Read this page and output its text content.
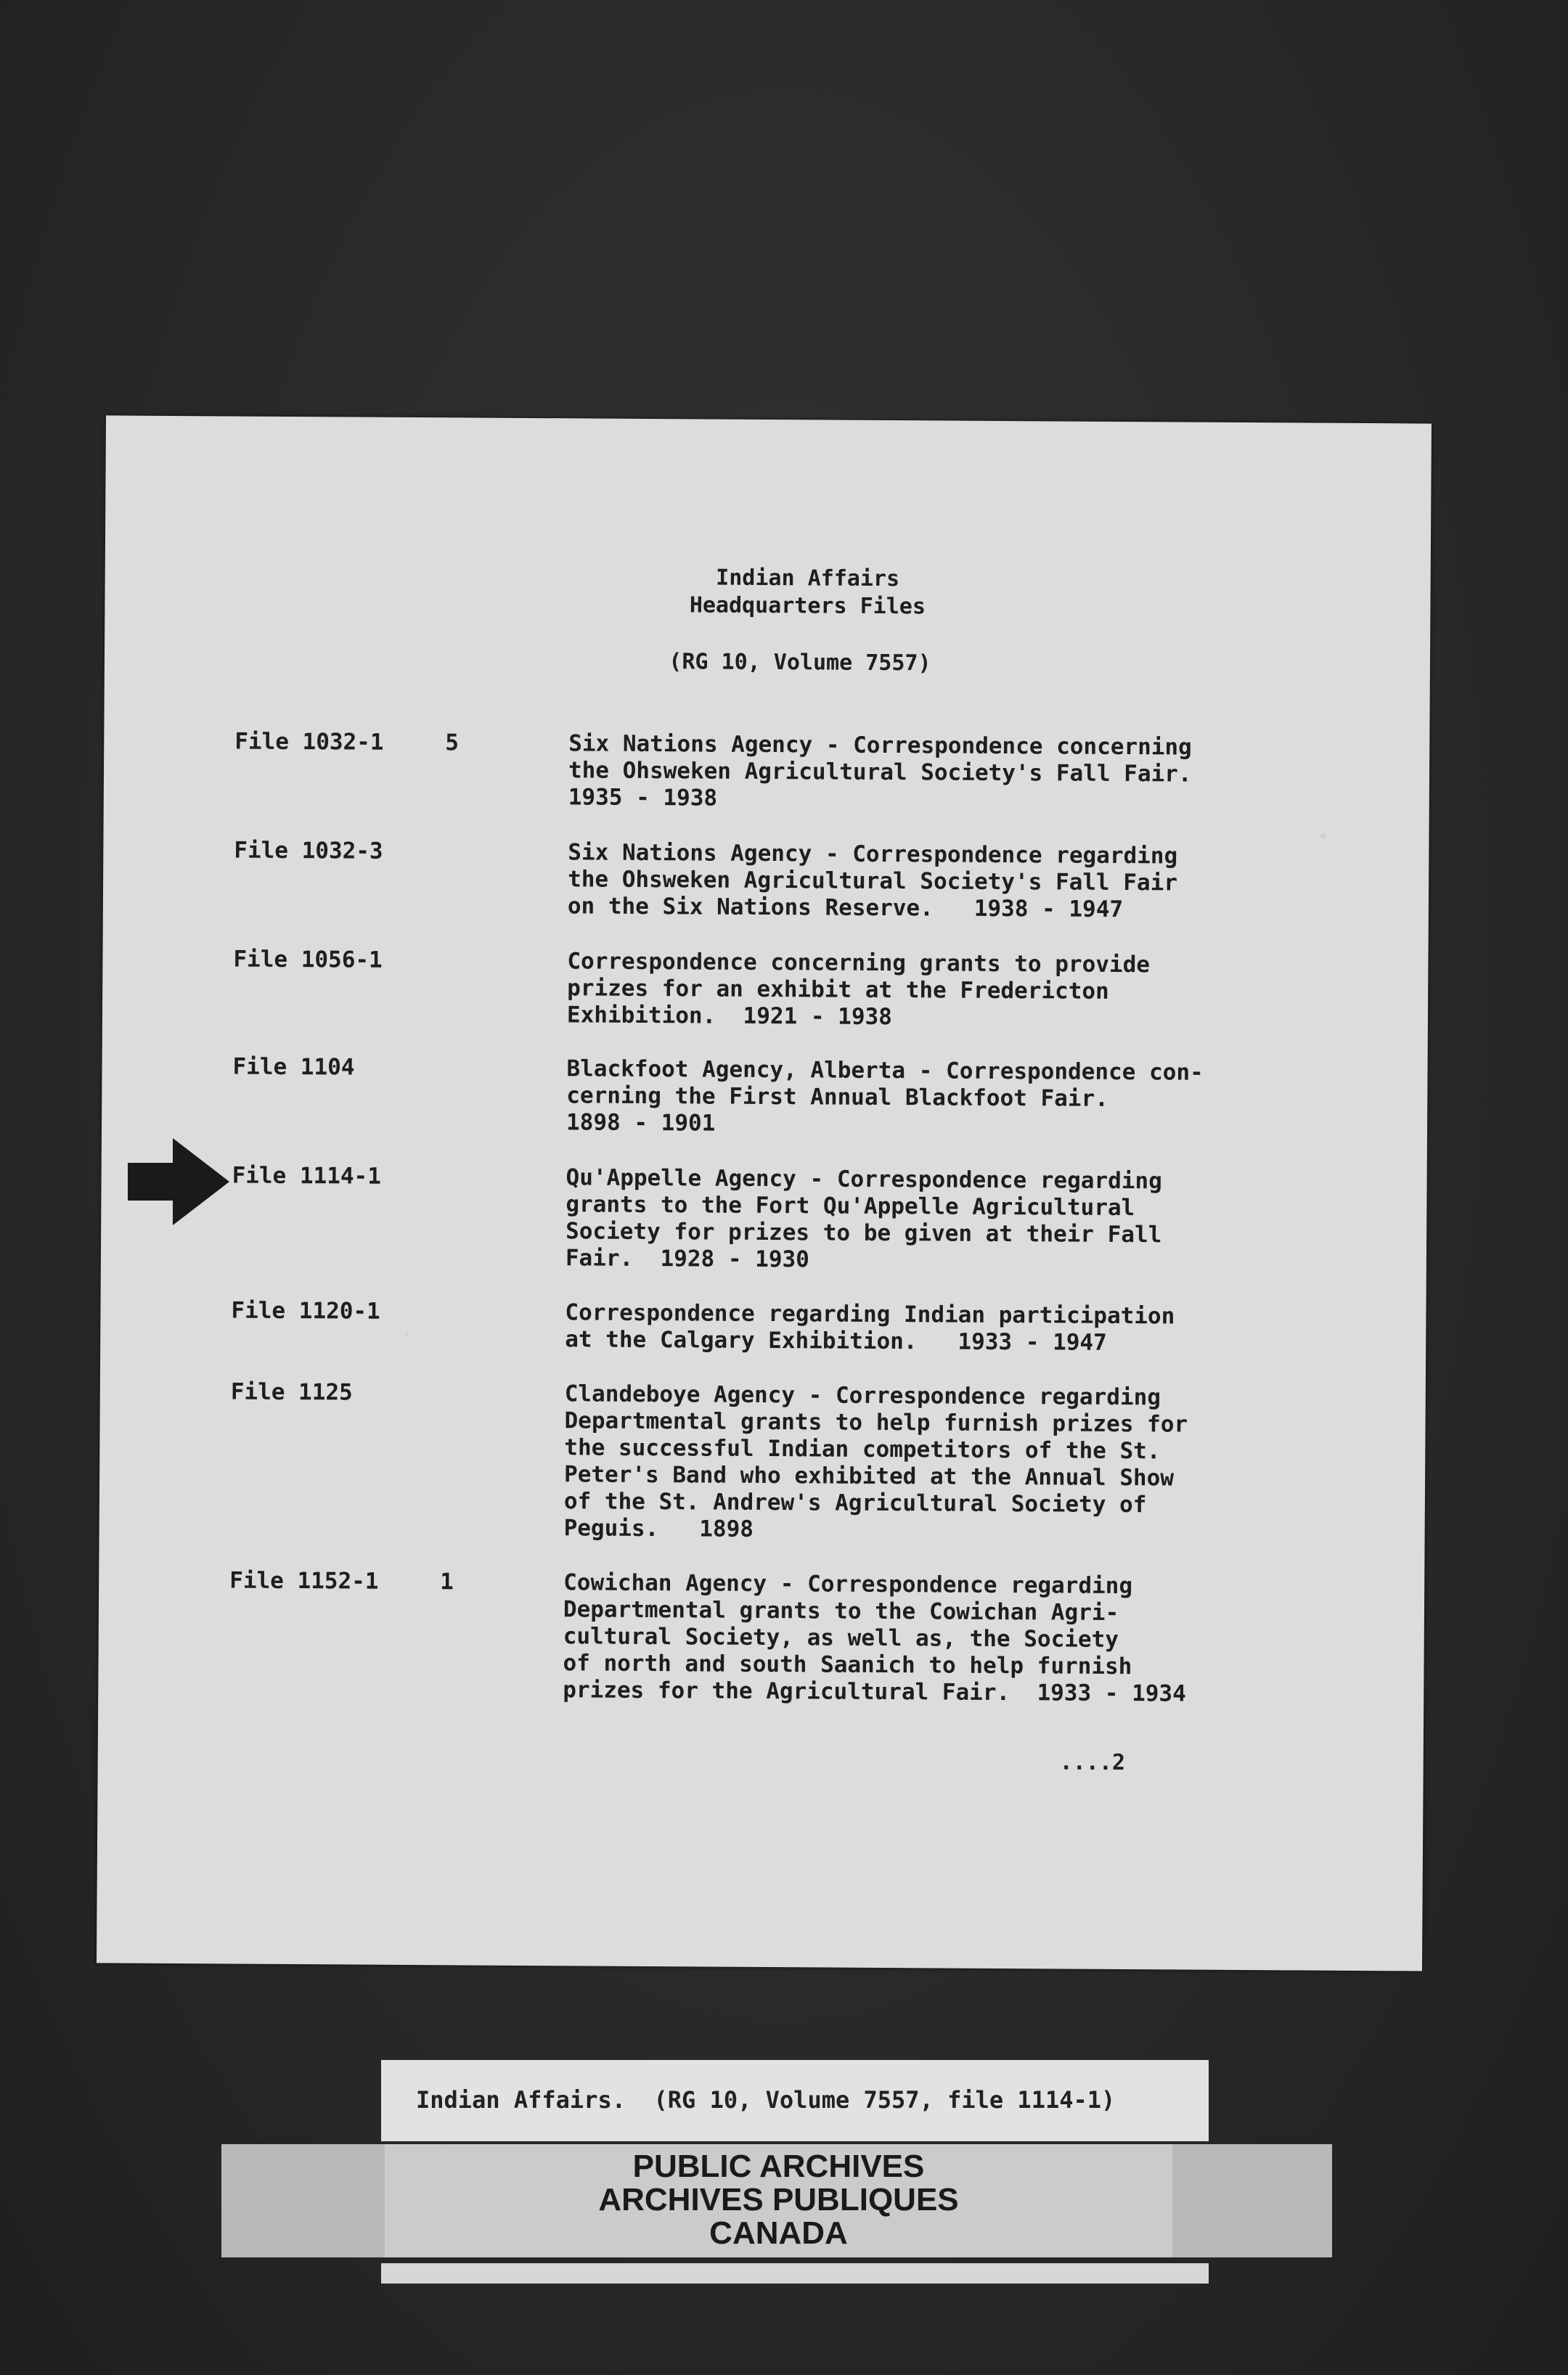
Indian Affairs
Headquarters Files
(RG 10, Volume 7557)
File 1032-1	5	Six Nations Agency - Correspondence concerning
the Ohsweken Agricultural Society's Fall Fair.
1935 - 1938
File 1032-3	Six Nations Agency - Correspondence regarding
the Ohsweken Agricultural Society's Fall Fair
on the Six Nations Reserve.   1938 - 1947
File 1056-1	Correspondence concerning grants to provide
prizes for an exhibit at the Fredericton
Exhibition.  1921 - 1938
File 1104	Blackfoot Agency, Alberta - Correspondence con-
cerning the First Annual Blackfoot Fair.
1898 - 1901
File 1114-1	Qu'Appelle Agency - Correspondence regarding
grants to the Fort Qu'Appelle Agricultural
Society for prizes to be given at their Fall
Fair.  1928 - 1930
File 1120-1	Correspondence regarding Indian participation
at the Calgary Exhibition.   1933 - 1947
File 1125	Clandeboye Agency - Correspondence regarding
Departmental grants to help furnish prizes for
the successful Indian competitors of the St.
Peter's Band who exhibited at the Annual Show
of the St. Andrew's Agricultural Society of
Peguis.   1898
File 1152-1	1	Cowichan Agency - Correspondence regarding
Departmental grants to the Cowichan Agri-
cultural Society, as well as, the Society
of north and south Saanich to help furnish
prizes for the Agricultural Fair.  1933 - 1934
....2
Indian Affairs.  (RG 10, Volume 7557, file 1114-1)
PUBLIC ARCHIVES
ARCHIVES PUBLIQUES
CANADA
